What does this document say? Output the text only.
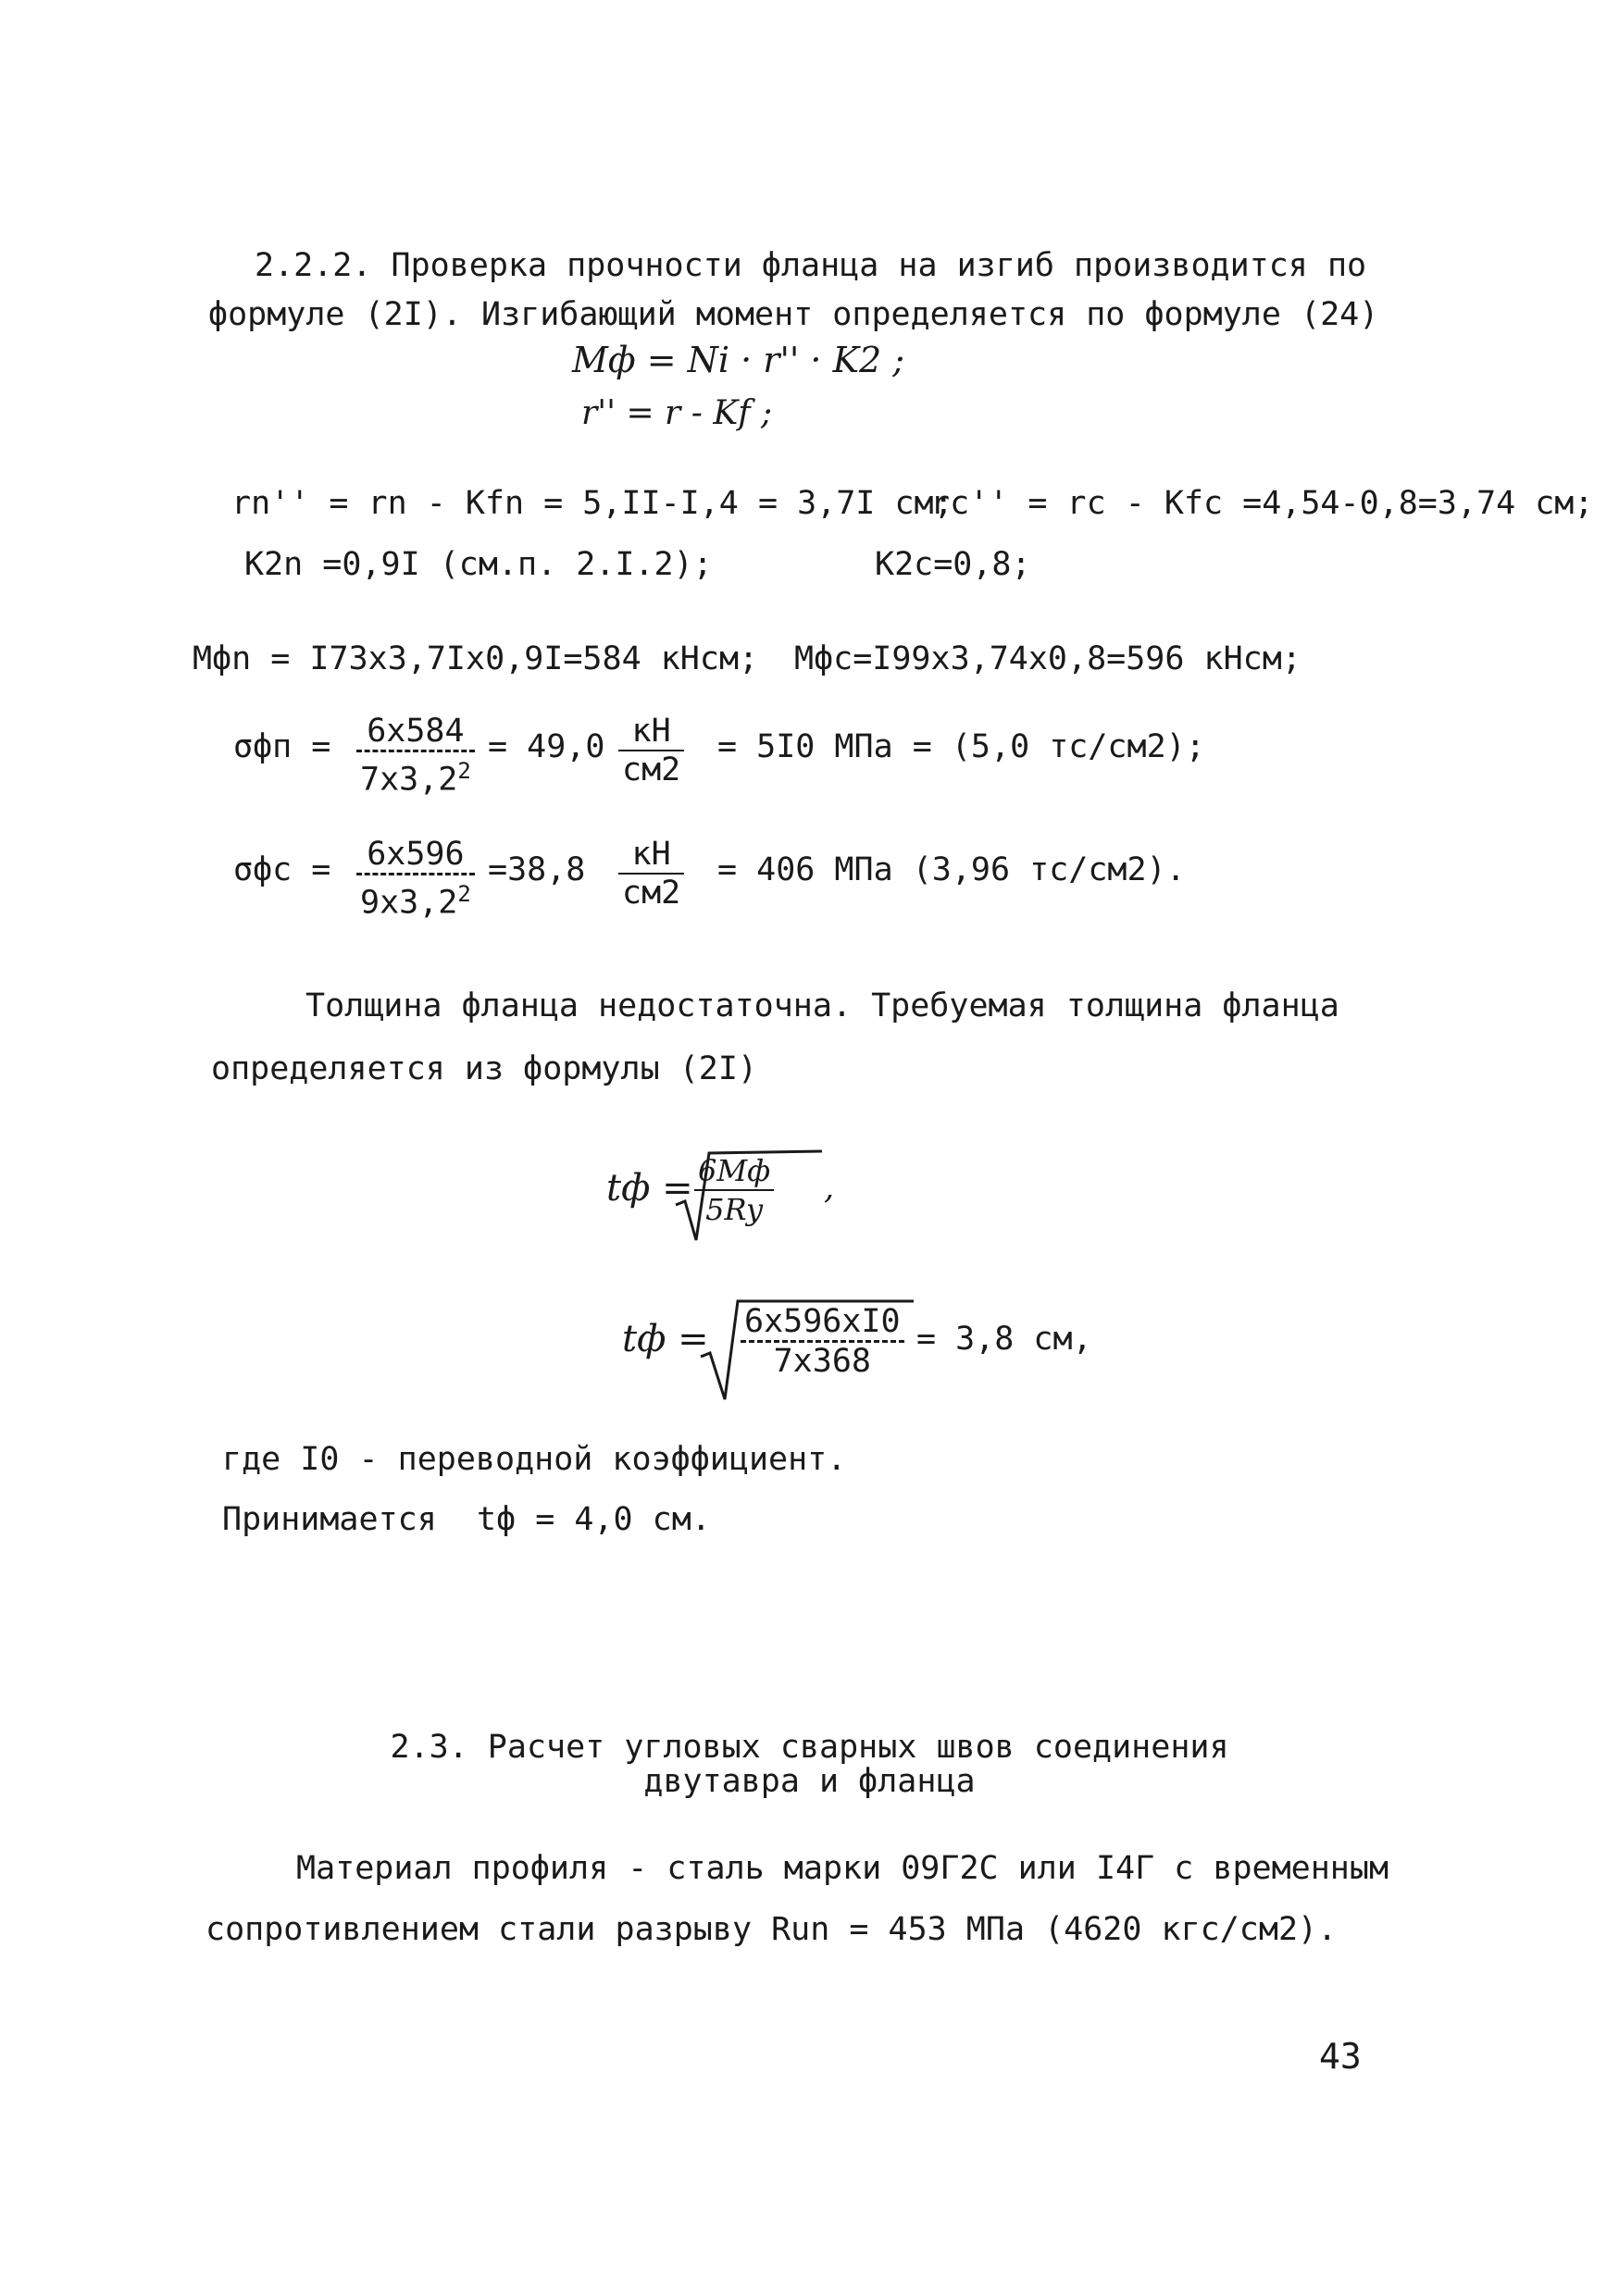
2.2.2. Проверка прочности фланца на изгиб производится по
формуле (2I). Изгибающий момент определяется по формуле (24)
Mф = Ni · r'' · K2 ;
r'' = r - Kf ;
rn'' = rn - Kfn = 5,II-I,4 = 3,7I см;
rc'' = rc - Kfc =4,54-0,8=3,74 см;
K2n =0,9I (см.п. 2.I.2);	K2c=0,8;
Mфn = I73x3,7Ix0,9I=584 кНсм; Mфc=I99x3,74x0,8=596 кНсм;
$\sigma фп = \frac{6x584}{7x3,2^2} = 49,0$ кН
см2
= 5I0 МПа = (5,0 тс/см2);
$\sigma фc = \frac{6x596}{9x3,2^2} =38,8$	кН
см2
= 406 МПа (3,96 тс/см2).
Толщина фланца недостаточна. Требуемая толщина фланца
определяется из формулы (2I)
tф = 6Mф
5Ry
,
tф = $\frac{6x596xI0}{7x368} = 3,8$ см,
где I0 - переводной коэффициент.
Принимается tф = 4,0 см.
2.3. Расчет угловых сварных швов соединения
двутавра и фланца
Материал профиля - сталь марки 09Г2С или I4Г с временным
сопротивлением стали разрыву Run = 453 МПа (4620 кгс/см2).
43
